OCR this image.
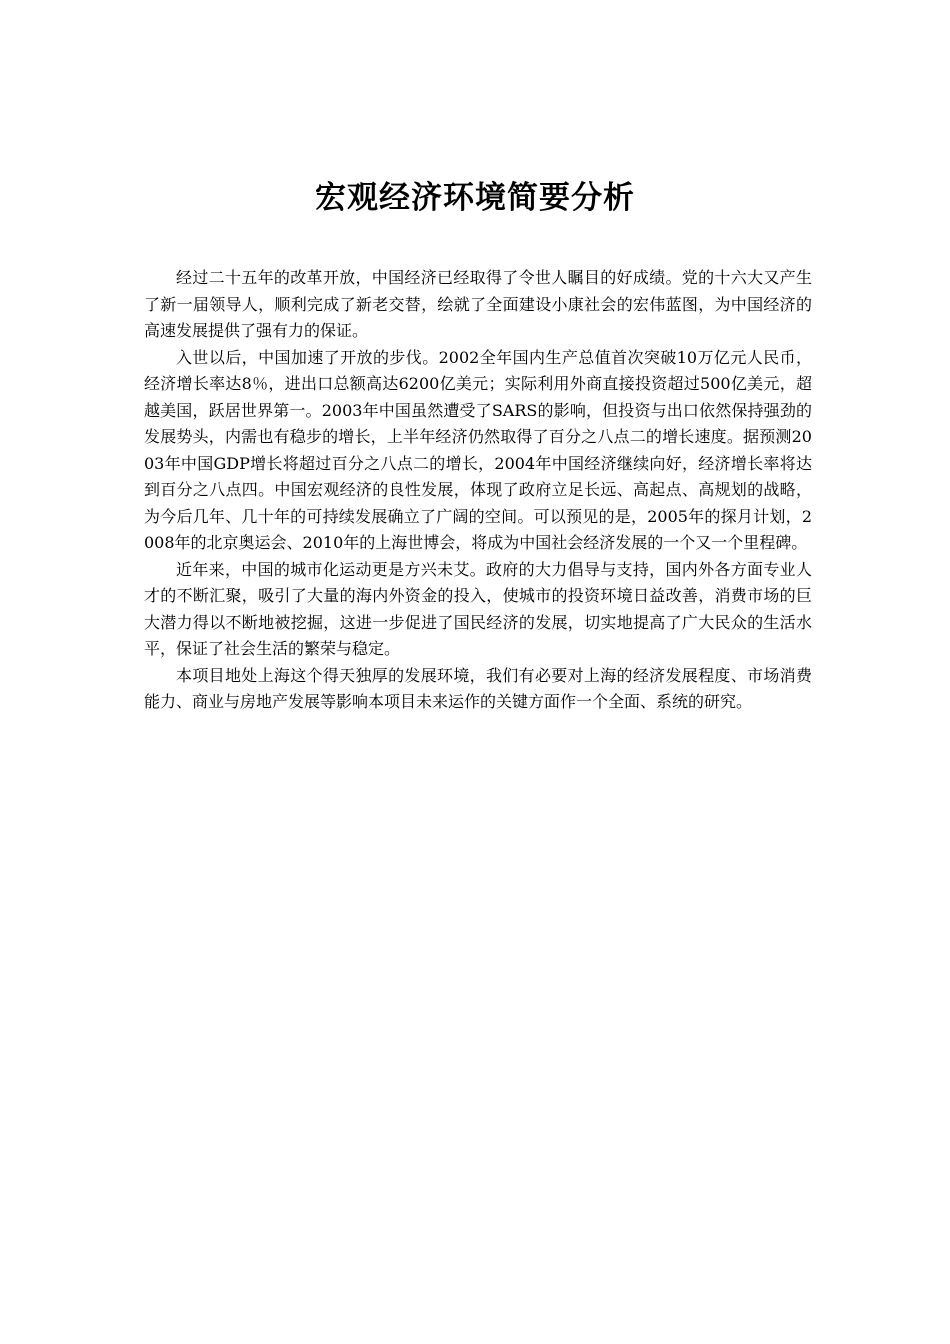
宏观经济环境简要分析

经过二十五年的改革开放，中国经济已经取得了令世人瞩目的好成绩。党的十六大又产生了新一届领导人，顺利完成了新老交替，绘就了全面建设小康社会的宏伟蓝图，为中国经济的高速发展提供了强有力的保证。

入世以后，中国加速了开放的步伐。2002全年国内生产总值首次突破10万亿元人民币，经济增长率达8％，进出口总额高达6200亿美元；实际利用外商直接投资超过500亿美元，超越美国，跃居世界第一。2003年中国虽然遭受了SARS的影响，但投资与出口依然保持强劲的发展势头，内需也有稳步的增长，上半年经济仍然取得了百分之八点二的增长速度。据预测2003年中国GDP增长将超过百分之八点二的增长，2004年中国经济继续向好，经济增长率将达到百分之八点四。中国宏观经济的良性发展，体现了政府立足长远、高起点、高规划的战略，为今后几年、几十年的可持续发展确立了广阔的空间。可以预见的是，2005年的探月计划，2008年的北京奥运会、2010年的上海世博会，将成为中国社会经济发展的一个又一个里程碑。

近年来，中国的城市化运动更是方兴未艾。政府的大力倡导与支持，国内外各方面专业人才的不断汇聚，吸引了大量的海内外资金的投入，使城市的投资环境日益改善，消费市场的巨大潜力得以不断地被挖掘，这进一步促进了国民经济的发展，切实地提高了广大民众的生活水平，保证了社会生活的繁荣与稳定。

本项目地处上海这个得天独厚的发展环境，我们有必要对上海的经济发展程度、市场消费能力、商业与房地产发展等影响本项目未来运作的关键方面作一个全面、系统的研究。
